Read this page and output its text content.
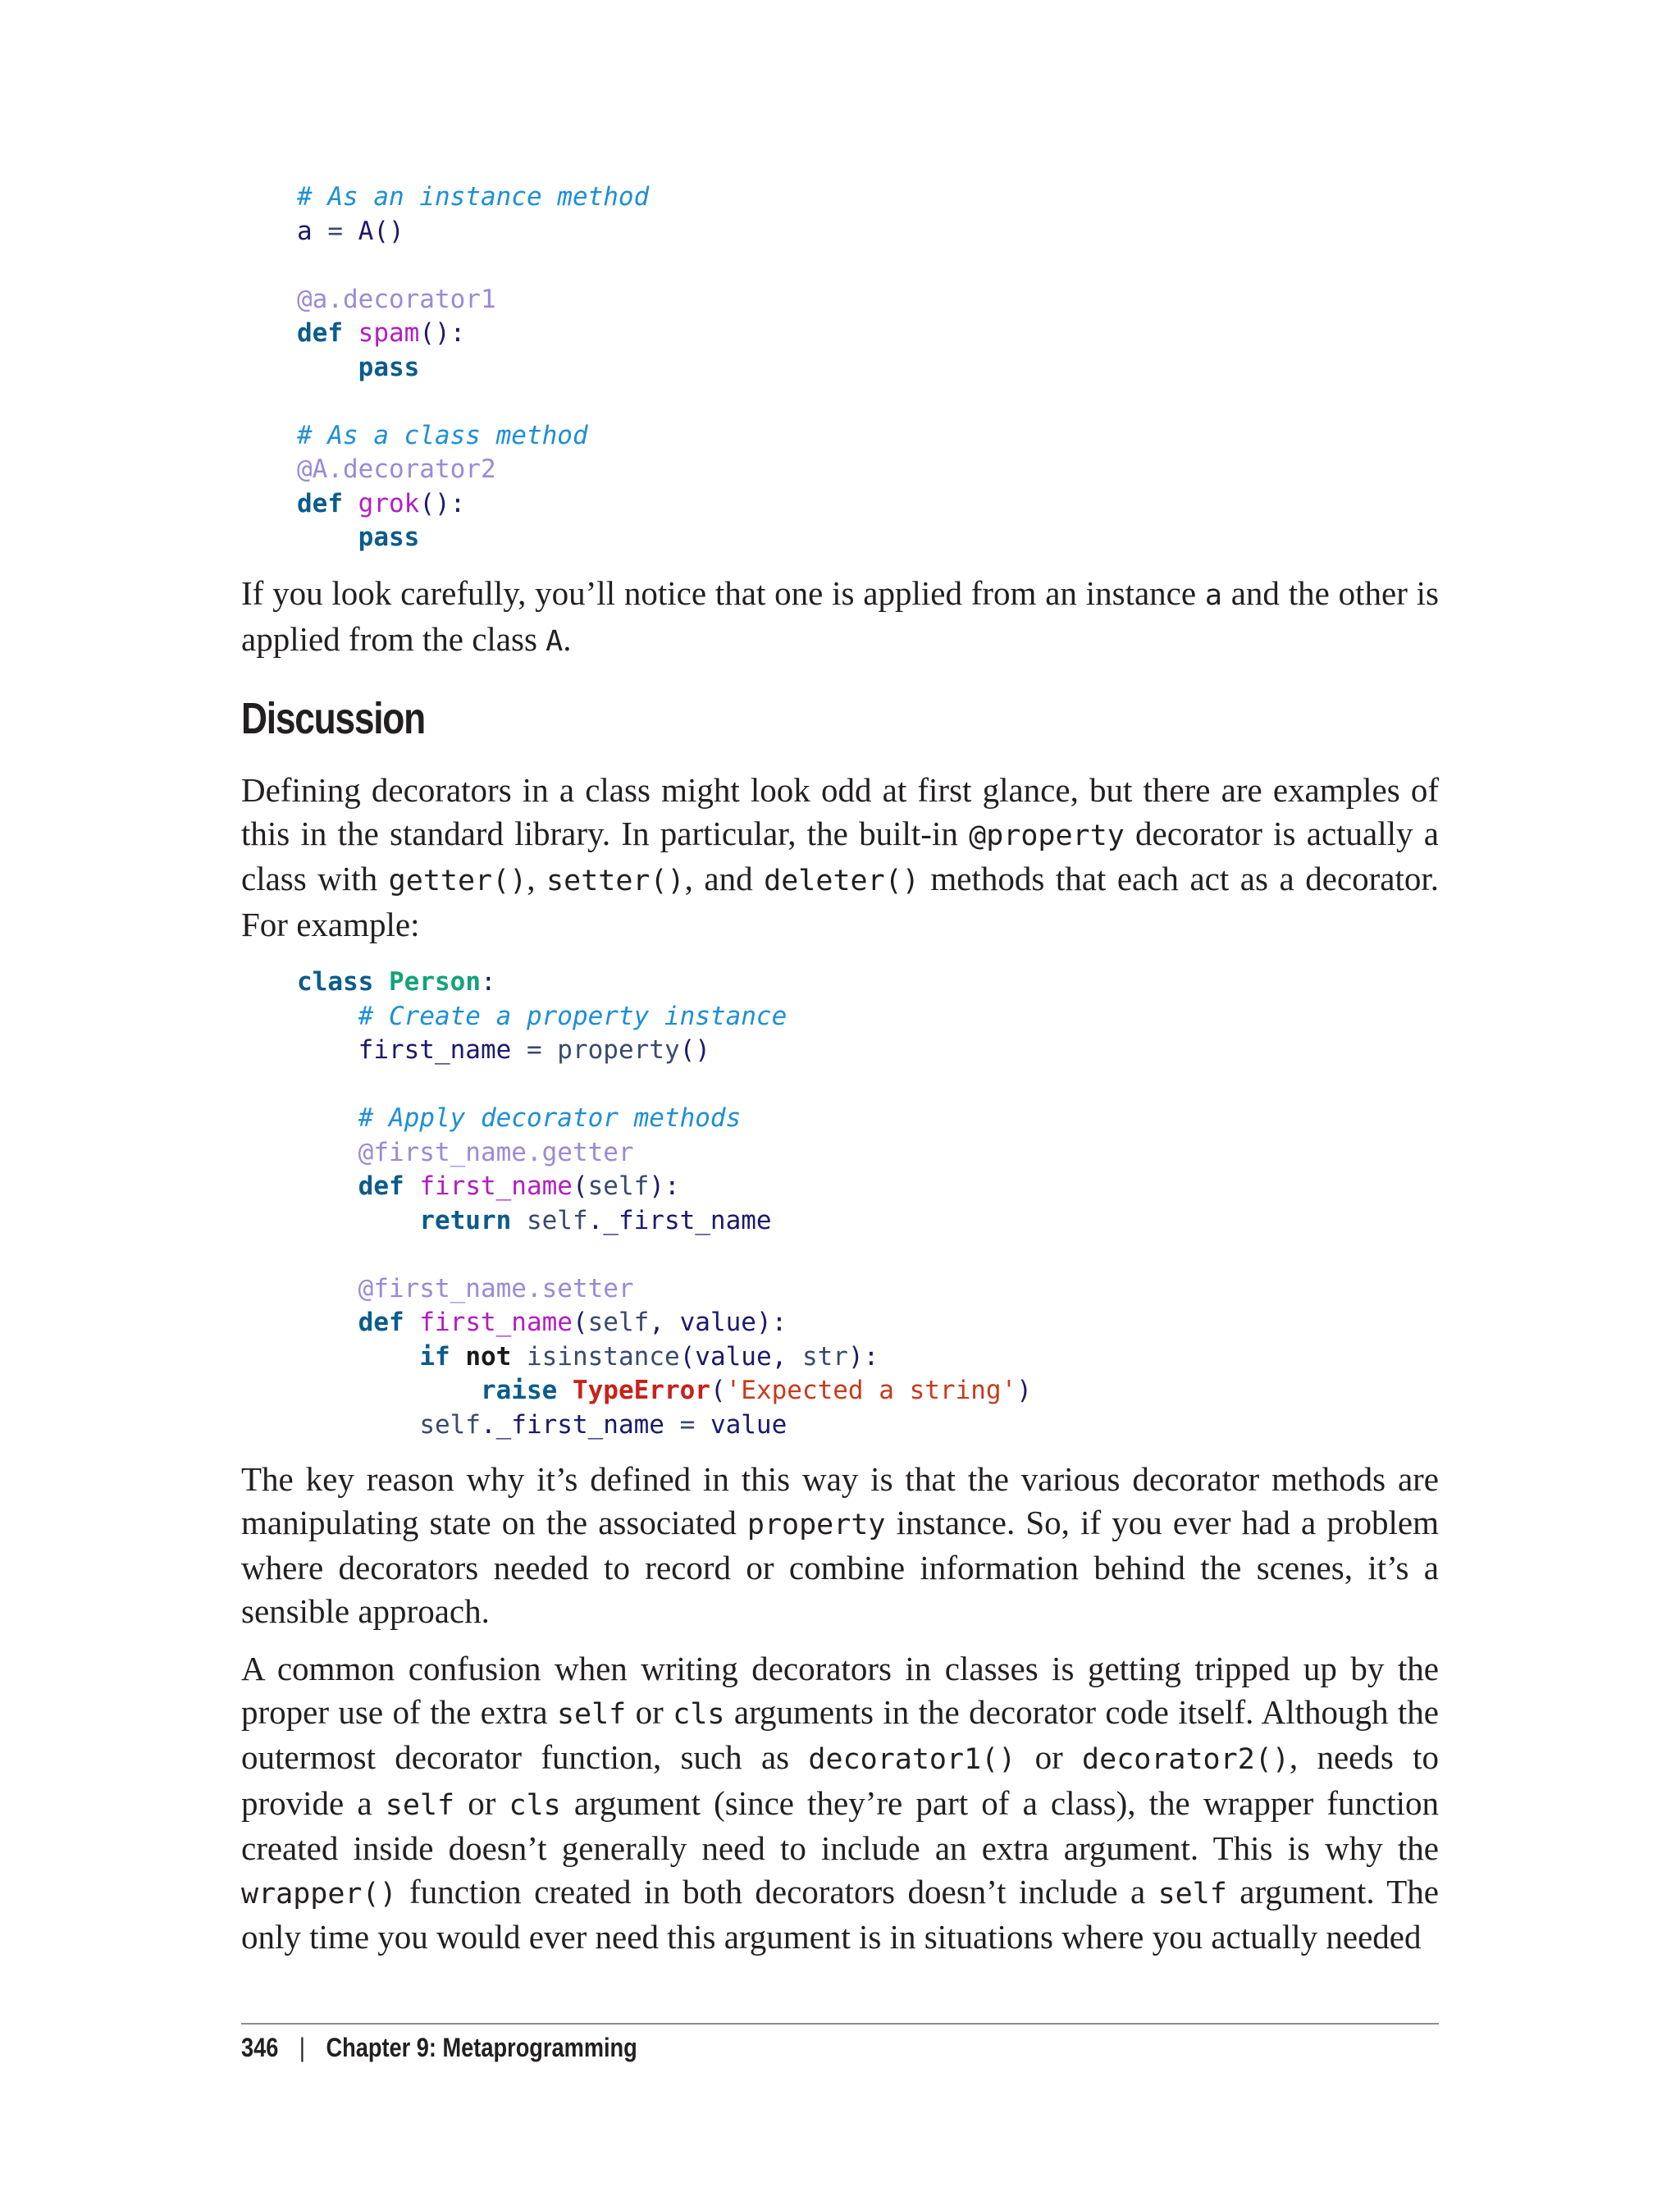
# As an instance method
a = A()

@a.decorator1
def spam():
pass

# As a class method
@A.decorator2
def grok():
pass

If you look carefully, you’ll notice that one is applied from an instance a and the other is applied from the class A.

Discussion

Defining decorators in a class might look odd at first glance, but there are examples of this in the standard library. In particular, the built-in @property decorator is actually a class with getter(), setter(), and deleter() methods that each act as a decorator. For example:

class Person:
# Create a property instance
first_name = property()

# Apply decorator methods
@first_name.getter
def first_name(self):
return self._first_name

@first_name.setter
def first_name(self, value):
if not isinstance(value, str):
raise TypeError('Expected a string')
self._first_name = value

The key reason why it’s defined in this way is that the various decorator methods are manipulating state on the associated property instance. So, if you ever had a problem where decorators needed to record or combine information behind the scenes, it’s a sensible approach.

A common confusion when writing decorators in classes is getting tripped up by the proper use of the extra self or cls arguments in the decorator code itself. Although the outermost decorator function, such as decorator1() or decorator2(), needs to provide a self or cls argument (since they’re part of a class), the wrapper function created inside doesn’t generally need to include an extra argument. This is why the wrapper() function created in both decorators doesn’t include a self argument. The only time you would ever need this argument is in situations where you actually needed

346 | Chapter 9: Metaprogramming
